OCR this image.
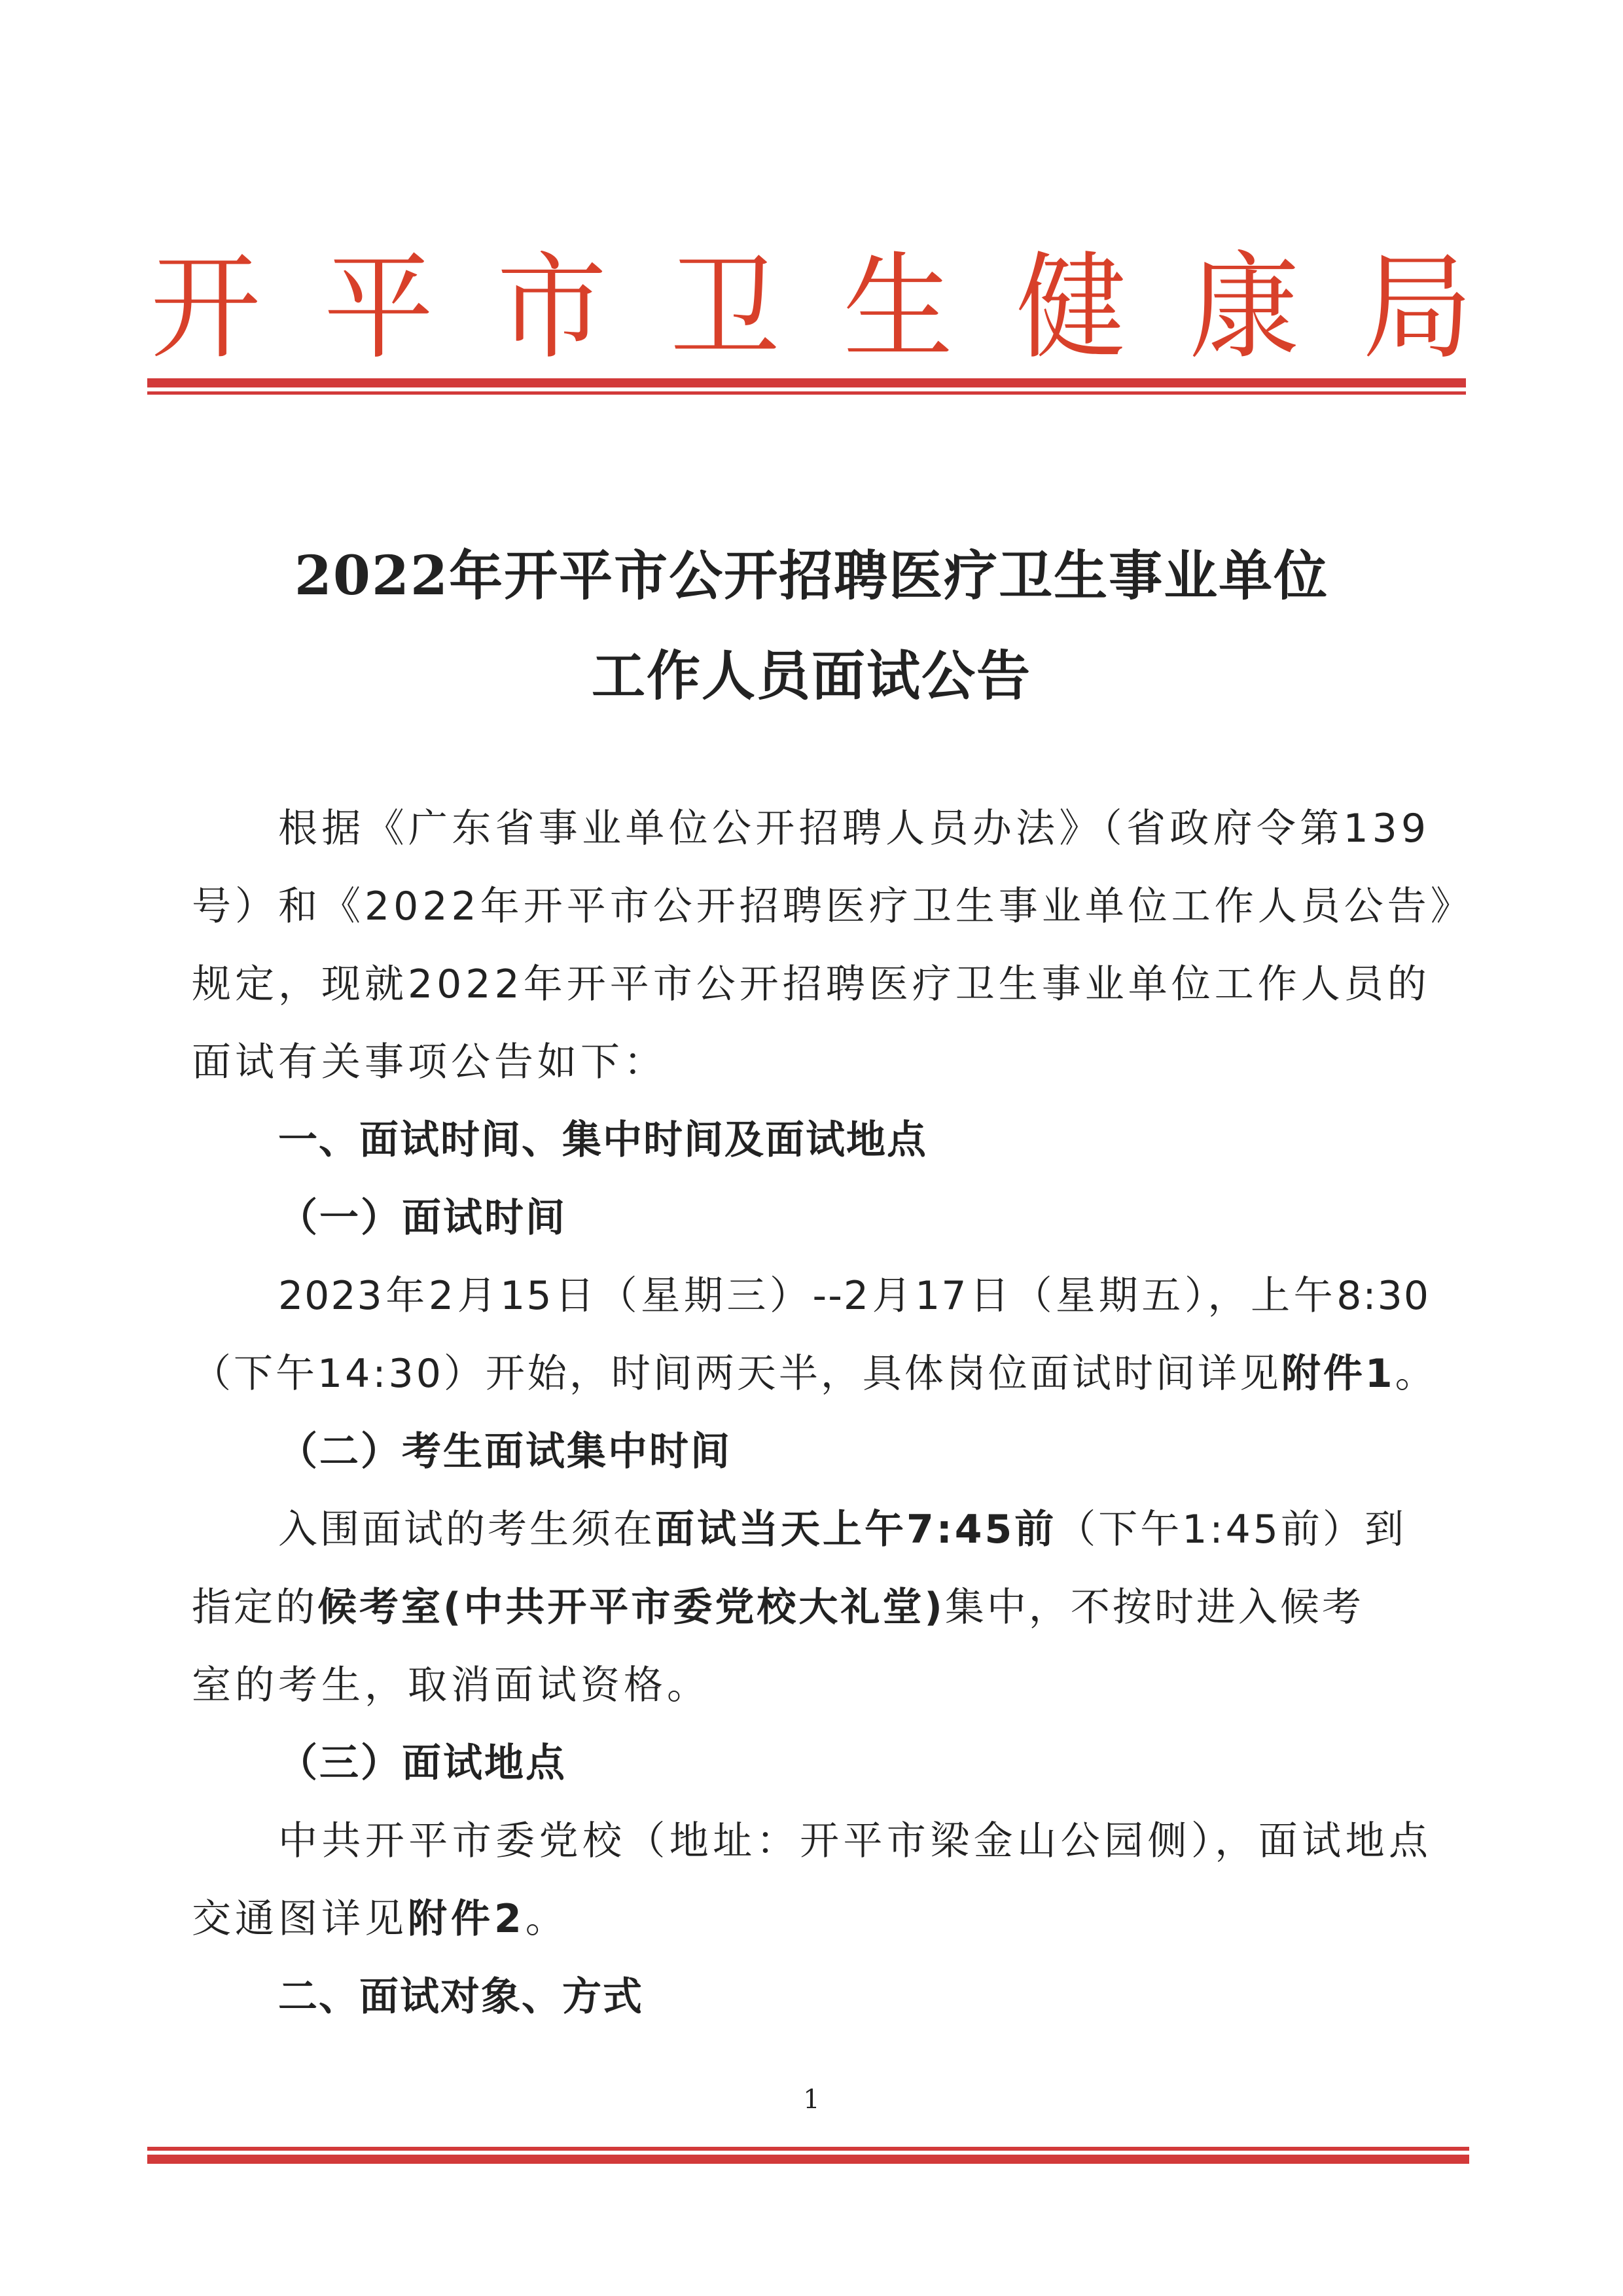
开 平 市 卫 生 健 康 局
2022年开平市公开招聘医疗卫生事业单位
工作人员面试公告
根据《广东省事业单位公开招聘人员办法》（省政府令第139
号）和《2022年开平市公开招聘医疗卫生事业单位工作人员公告》
规定，现就2022年开平市公开招聘医疗卫生事业单位工作人员的
面试有关事项公告如下：
一、面试时间、集中时间及面试地点
（一）面试时间
2023年2月15日（星期三）--2月17日（星期五），上午8:30
（下午14:30）开始，时间两天半，具体岗位面试时间详见附件1。
（二）考生面试集中时间
入围面试的考生须在面试当天上午7:45前（下午1:45前）到
指定的候考室(中共开平市委党校大礼堂)集中，不按时进入候考
室的考生，取消面试资格。
（三）面试地点
中共开平市委党校（地址：开平市梁金山公园侧），面试地点
交通图详见附件2。
二、面试对象、方式
1
